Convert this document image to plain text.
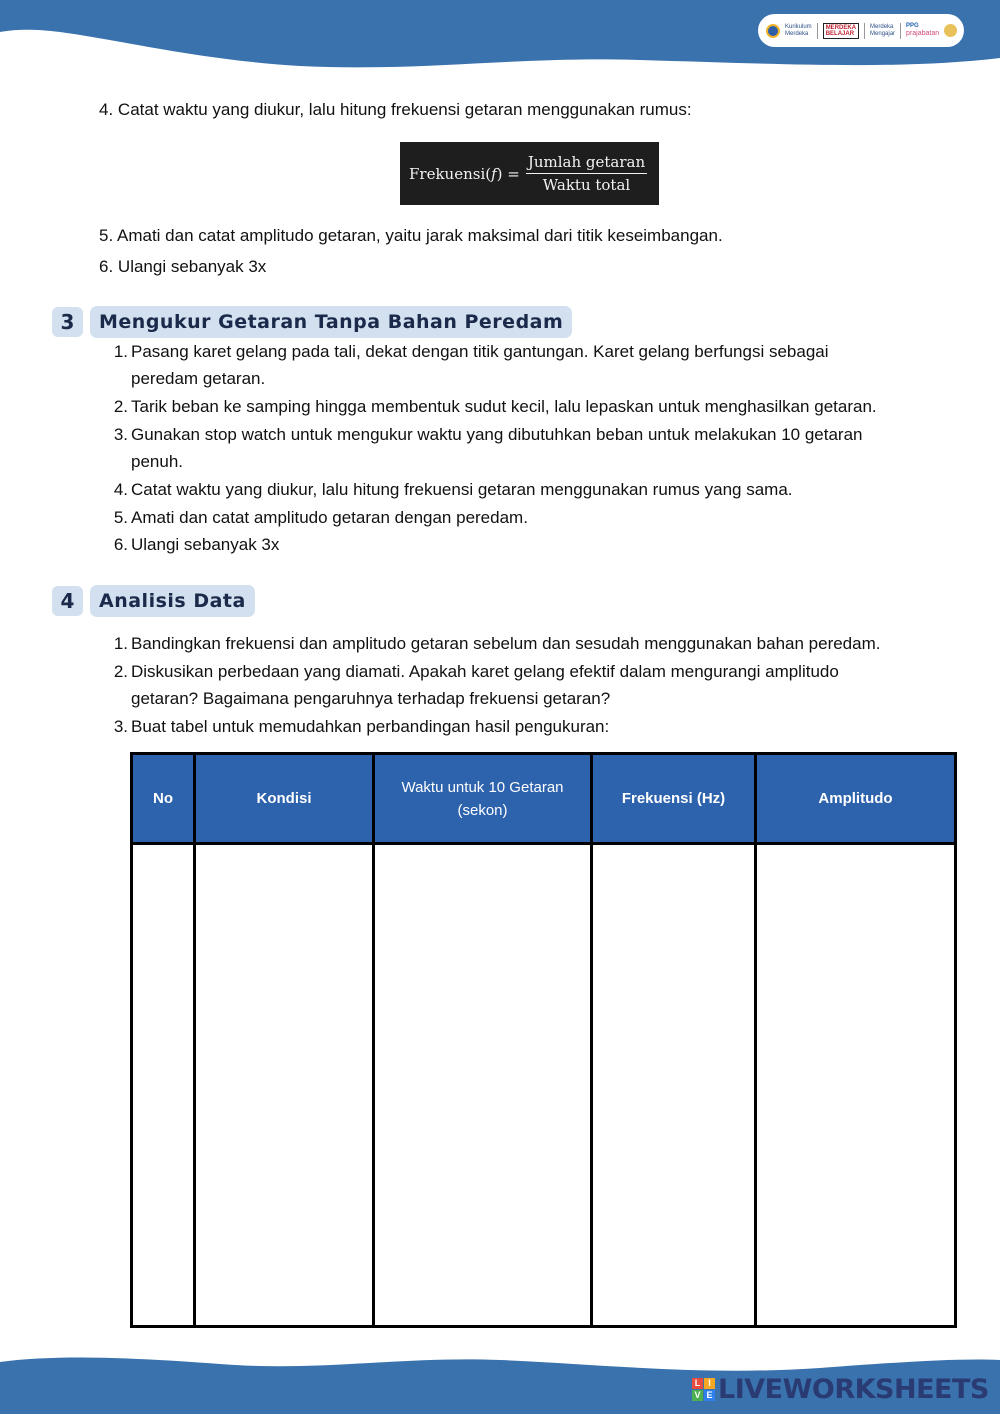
Kurikulum
Merdeka
MERDEKA
BELAJAR
Merdeka
Mengajar
PPG
prajabatan
4. Catat waktu yang diukur, lalu hitung frekuensi getaran menggunakan rumus:
Frekuensi(𝑓) = $\frac{\text{Jumlah getaran}}{\text{Waktu total}}$
5. Amati dan catat amplitudo getaran, yaitu jarak maksimal dari titik keseimbangan.
6. Ulangi sebanyak 3x
3	Mengukur Getaran Tanpa Bahan Peredam
1. Pasang karet gelang pada tali, dekat dengan titik gantungan. Karet gelang berfungsi sebagai
peredam getaran.
2. Tarik beban ke samping hingga membentuk sudut kecil, lalu lepaskan untuk menghasilkan getaran.
3. Gunakan stop watch untuk mengukur waktu yang dibutuhkan beban untuk melakukan 10 getaran
penuh.
4. Catat waktu yang diukur, lalu hitung frekuensi getaran menggunakan rumus yang sama.
5. Amati dan catat amplitudo getaran dengan peredam.
6. Ulangi sebanyak 3x
4	Analisis Data
1. Bandingkan frekuensi dan amplitudo getaran sebelum dan sesudah menggunakan bahan peredam.
2. Diskusikan perbedaan yang diamati. Apakah karet gelang efektif dalam mengurangi amplitudo
getaran? Bagaimana pengaruhnya terhadap frekuensi getaran?
3. Buat tabel untuk memudahkan perbandingan hasil pengukuran:
No	Kondisi	Waktu untuk 10 Getaran (sekon)	Frekuensi (Hz)	Amplitudo

L I
V E LIVEWORKSHEETS
